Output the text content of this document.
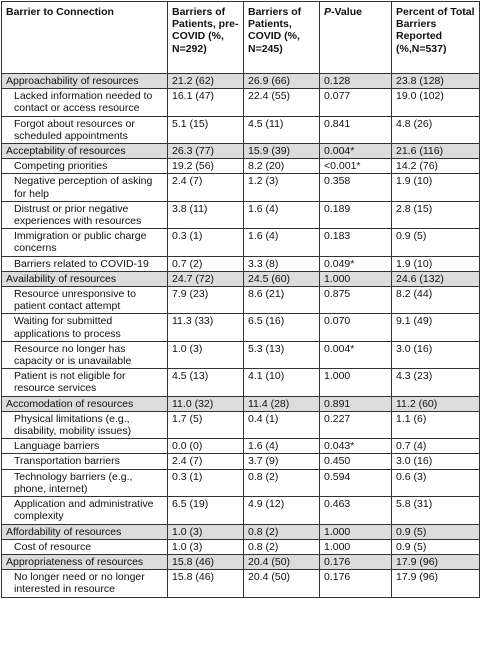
Barrier to Connection	Barriers of Patients, pre-COVID (%, N=292)	Barriers of Patients, COVID (%, N=245)	P-Value	Percent of Total Barriers Reported (%,N=537)
Approachability of resources	21.2 (62)	26.9 (66)	0.128	23.8 (128)
Lacked information needed to contact or access resource	16.1 (47)	22.4 (55)	0.077	19.0 (102)
Forgot about resources or scheduled appointments	5.1 (15)	4.5 (11)	0.841	4.8 (26)
Acceptability of resources	26.3 (77)	15.9 (39)	0.004*	21.6 (116)
Competing priorities	19.2 (56)	8.2 (20)	<0.001*	14.2 (76)
Negative perception of asking for help	2.4 (7)	1.2 (3)	0.358	1.9 (10)
Distrust or prior negative experiences with resources	3.8 (11)	1.6 (4)	0.189	2.8 (15)
Immigration or public charge concerns	0.3 (1)	1.6 (4)	0.183	0.9 (5)
Barriers related to COVID-19	0.7 (2)	3.3 (8)	0.049*	1.9 (10)
Availability of resources	24.7 (72)	24.5 (60)	1.000	24.6 (132)
Resource unresponsive to patient contact attempt	7.9 (23)	8.6 (21)	0.875	8.2 (44)
Waiting for submitted applications to process	11.3 (33)	6.5 (16)	0.070	9.1 (49)
Resource no longer has capacity or is unavailable	1.0 (3)	5.3 (13)	0.004*	3.0 (16)
Patient is not eligible for resource services	4.5 (13)	4.1 (10)	1.000	4.3 (23)
Accomodation of resources	11.0 (32)	11.4 (28)	0.891	11.2 (60)
Physical limitations (e.g., disability, mobility issues)	1.7 (5)	0.4 (1)	0.227	1.1 (6)
Language barriers	0.0 (0)	1.6 (4)	0.043*	0.7 (4)
Transportation barriers	2.4 (7)	3.7 (9)	0.450	3.0 (16)
Technology barriers (e.g., phone, internet)	0.3 (1)	0.8 (2)	0.594	0.6 (3)
Application and administrative complexity	6.5 (19)	4.9 (12)	0.463	5.8 (31)
Affordability of resources	1.0 (3)	0.8 (2)	1.000	0.9 (5)
Cost of resource	1.0 (3)	0.8 (2)	1.000	0.9 (5)
Appropriateness of resources	15.8 (46)	20.4 (50)	0.176	17.9 (96)
No longer need or no longer interested in resource	15.8 (46)	20.4 (50)	0.176	17.9 (96)
